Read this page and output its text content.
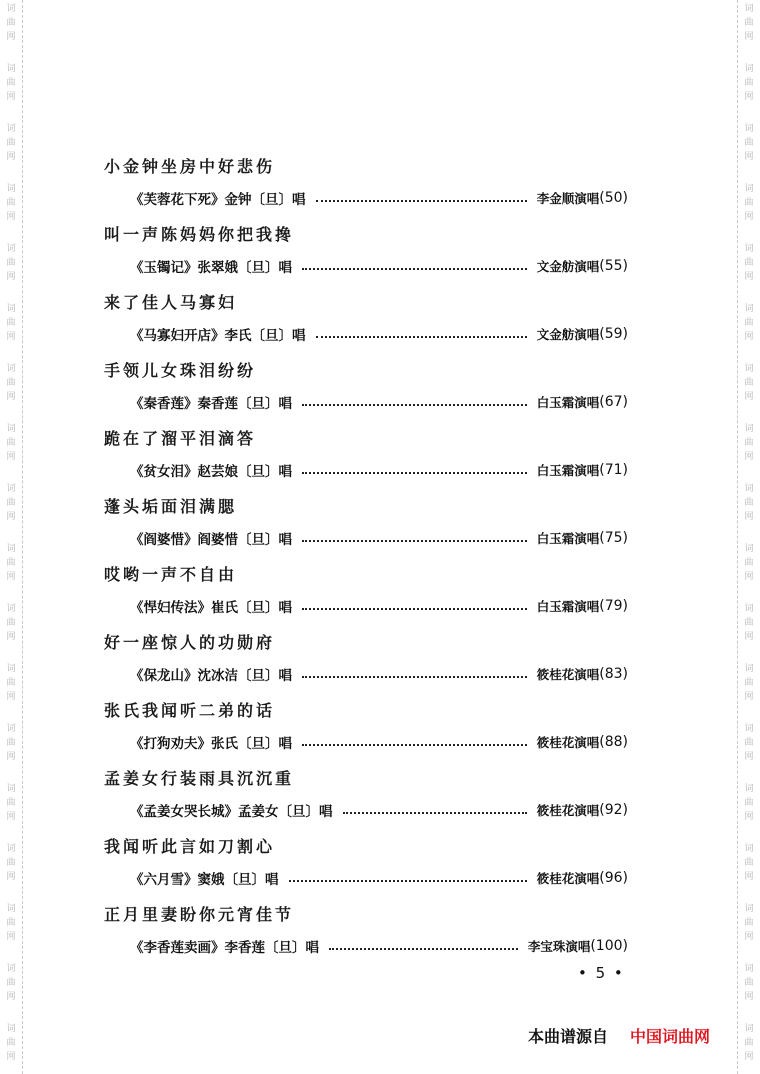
词
曲
网
词
曲
网
词
曲
网
词
曲
网
词
曲
网
词
曲
网
词
曲
网
词
曲
网
词
曲
网
词
曲
网
词
曲
网
词
曲
网
词
曲
网
词
曲
网
词
曲
网
词
曲
网
词
曲
网
词
曲
网
词
曲
网
词
曲
网
词
曲
网
词
曲
网
词
曲
网
词
曲
网
词
曲
网
词
曲
网
词
曲
网
词
曲
网
词
曲
网
词
曲
网
词
曲
网
词
曲
网
词
曲
网
词
曲
网
词
曲
网
词
曲
网
小金钟坐房中好悲伤
《芙蓉花下死》金钟〔旦〕唱	李金顺演唱 (50)
叫一声陈妈妈你把我搀
《玉镯记》张翠娥〔旦〕唱	文金舫演唱 (55)
来了佳人马寡妇
《马寡妇开店》李氏〔旦〕唱	文金舫演唱 (59)
手领儿女珠泪纷纷
《秦香莲》秦香莲〔旦〕唱	白玉霜演唱 (67)
跪在了溜平泪滴答
《贫女泪》赵芸娘〔旦〕唱	白玉霜演唱 (71)
蓬头垢面泪满腮
《阎婆惜》阎婆惜〔旦〕唱	白玉霜演唱 (75)
哎哟一声不自由
《悍妇传法》崔氏〔旦〕唱	白玉霜演唱 (79)
好一座惊人的功勋府
《保龙山》沈冰洁〔旦〕唱	筱桂花演唱 (83)
张氏我闻听二弟的话
《打狗劝夫》张氏〔旦〕唱	筱桂花演唱 (88)
孟姜女行装雨具沉沉重
《孟姜女哭长城》孟姜女〔旦〕唱	筱桂花演唱 (92)
我闻听此言如刀割心
《六月雪》窦娥〔旦〕唱	筱桂花演唱 (96)
正月里妻盼你元宵佳节
《李香莲卖画》李香莲〔旦〕唱	李宝珠演唱 (100)
• 5 •
本曲谱源自 中国词曲网
